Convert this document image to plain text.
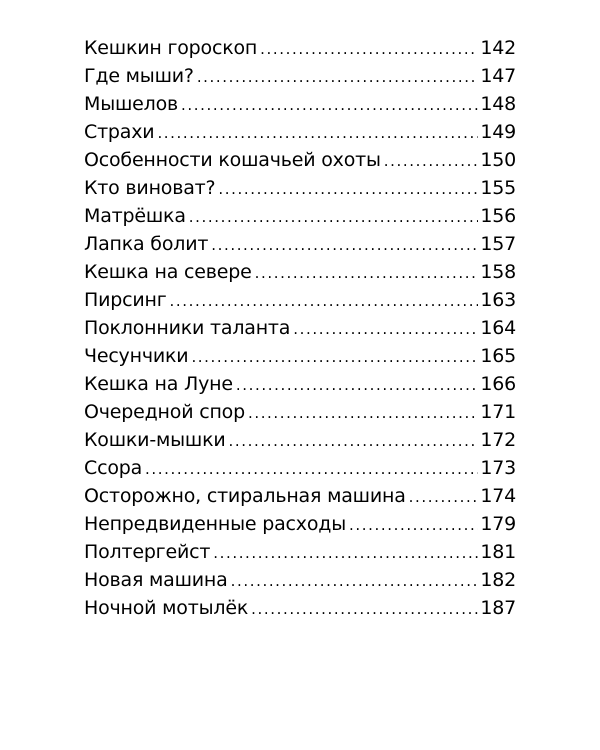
Кешкин гороскоп .....	142
Где мыши? .....	147
Мышелов .....	148
Страхи .....	149
Особенности кошачьей охоты .....	150
Кто виноват? .....	155
Матрёшка .....	156
Лапка болит .....	157
Кешка на севере .....	158
Пирсинг .....	163
Поклонники таланта .....	164
Чесунчики .....	165
Кешка на Луне .....	166
Очередной спор .....	171
Кошки-мышки .....	172
Ссора .....	173
Осторожно, стиральная машина .....	174
Непредвиденные расходы .....	179
Полтергейст .....	181
Новая машина .....	182
Ночной мотылёк .....	187
